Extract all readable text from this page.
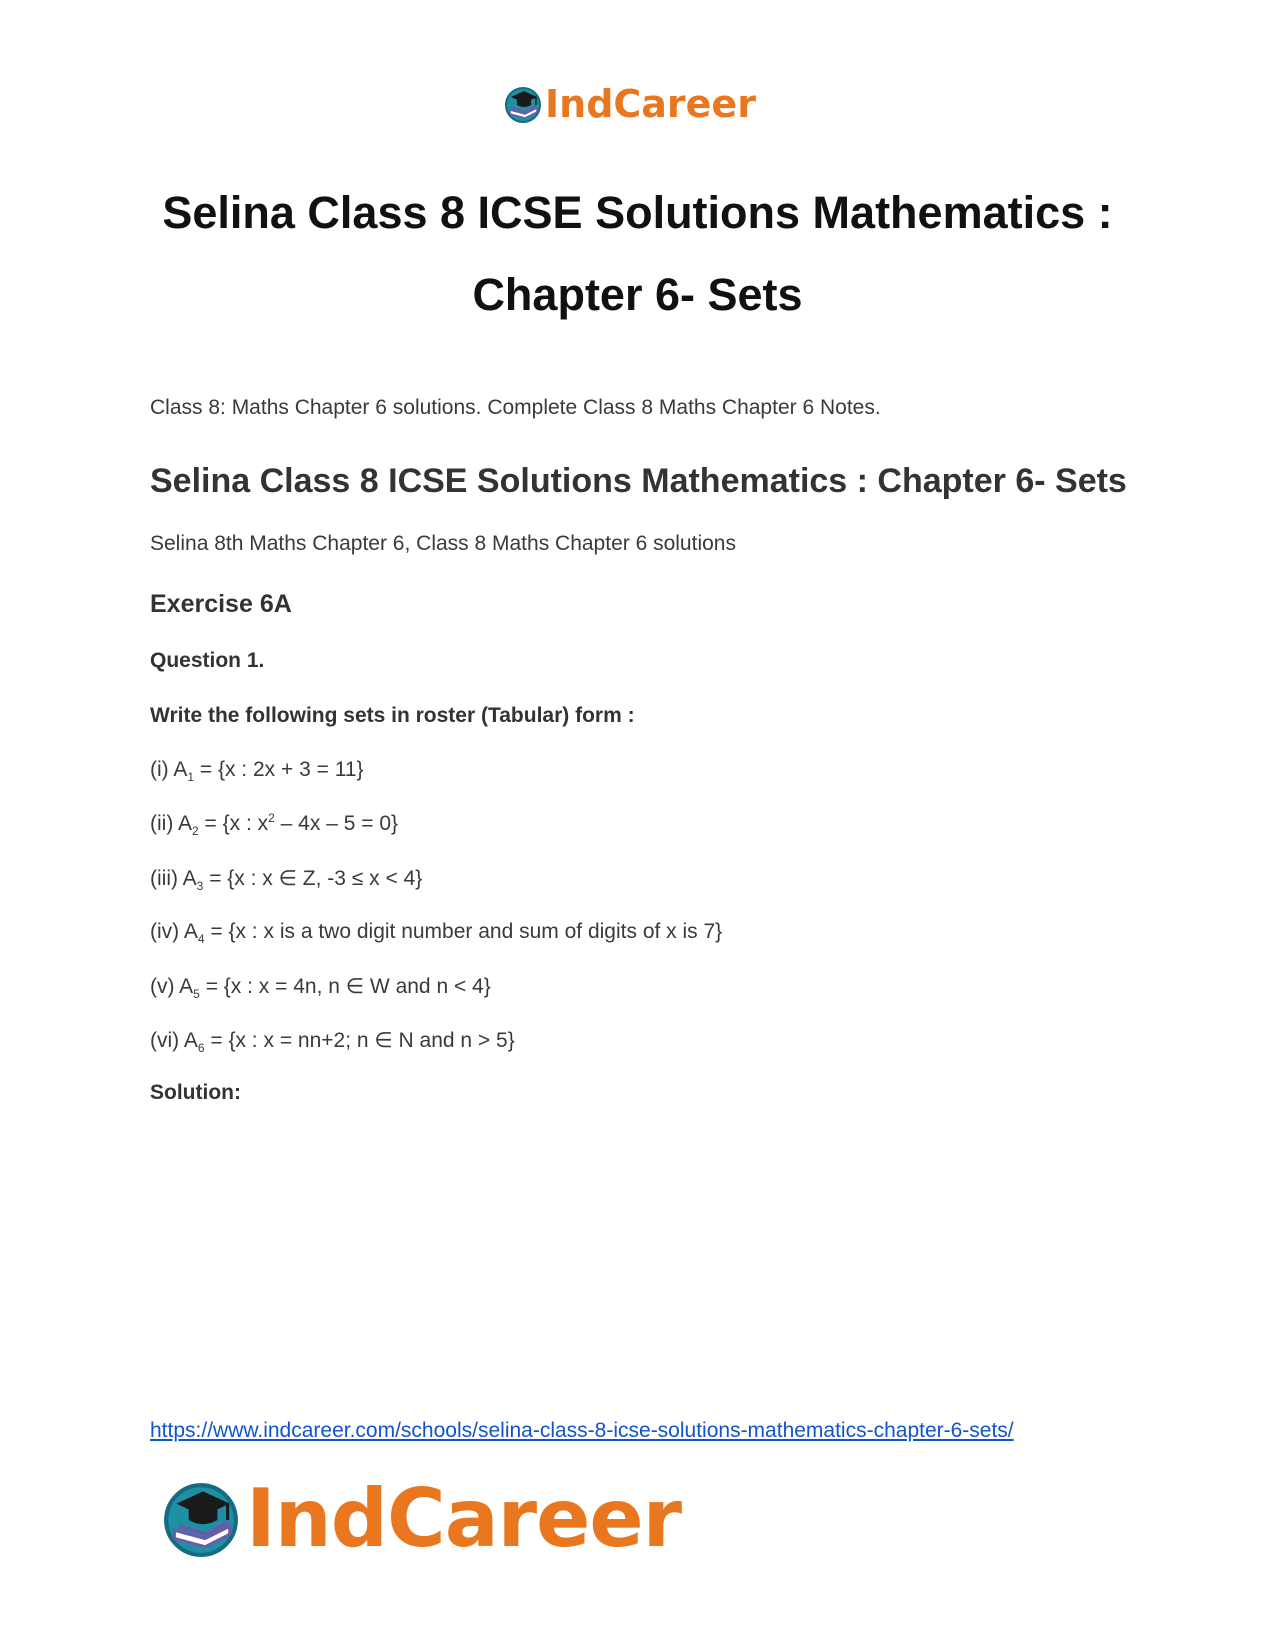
IndCareer
Selina Class 8 ICSE Solutions Mathematics :
Chapter 6- Sets
Class 8: Maths Chapter 6 solutions. Complete Class 8 Maths Chapter 6 Notes.
Selina Class 8 ICSE Solutions Mathematics : Chapter 6- Sets
Selina 8th Maths Chapter 6, Class 8 Maths Chapter 6 solutions
Exercise 6A
Question 1.
Write the following sets in roster (Tabular) form :
(i) $A_1 = \{x$ : 2x + 3 = 11}
(ii) $A_2 = \{x$ : $x^2 - 4x - 5 = 0$}
(iii) $A_3 = \{x$ : x ∈ Z, -3 ≤ x < 4}
(iv) $A_4 = \{x$ : x is a two digit number and sum of digits of x is 7}
(v) $A_5 = \{x$ : x = 4n, n ∈ W and n < 4}
(vi) $A_6 = \{x$ : x = nn+2; n ∈ N and n > 5}
Solution:
https://www.indcareer.com/schools/selina-class-8-icse-solutions-mathematics-chapter-6-sets/
IndCareer
